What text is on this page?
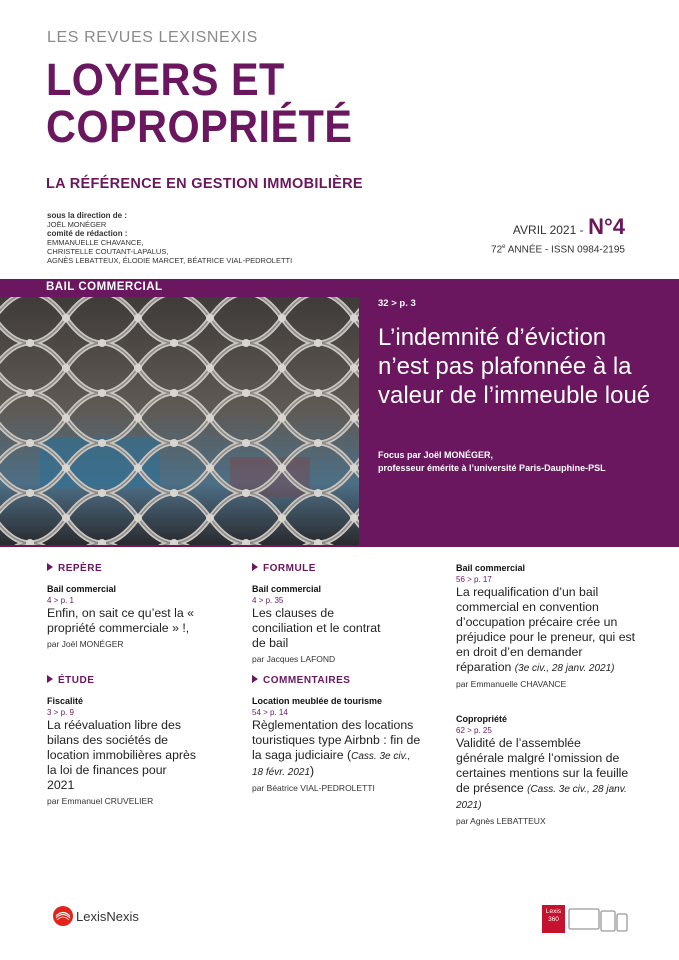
LES REVUES LEXISNEXIS
LOYERS ET
COPROPRIÉTÉ
LA RÉFÉRENCE EN GESTION IMMOBILIÈRE
sous la direction de :
JOËL MONÉGER
comité de rédaction :
EMMANUELLE CHAVANCE,
CHRISTELLE COUTANT-LAPALUS,
AGNÈS LEBATTEUX, ÉLODIE MARCET, BÉATRICE VIAL-PEDROLETTI
AVRIL 2021 - N°4
72e ANNÉE - ISSN 0984-2195
BAIL COMMERCIAL
32 > p. 3
L’indemnité d’éviction n’est pas plafonnée à la valeur de l’immeuble loué
Focus par Joël MONÉGER,
professeur émérite à l’université Paris-Dauphine-PSL
REPÈRE
Bail commercial
4 > p. 1
Enfin, on sait ce qu’est la « propriété commerciale » !,
par Joël MONÉGER
ÉTUDE
Fiscalité
3 > p. 9
La réévaluation libre des bilans des sociétés de location immobilières après la loi de finances pour 2021
par Emmanuel CRUVELIER
FORMULE
Bail commercial
4 > p. 35
Les clauses de conciliation et le contrat de bail
par Jacques LAFOND
COMMENTAIRES
Location meublée de tourisme
54 > p. 14
Règlementation des locations touristiques type Airbnb : fin de la saga judiciaire (Cass. 3e civ., 18 févr. 2021)
par Béatrice VIAL-PEDROLETTI
Bail commercial
56 > p. 17
La requalification d’un bail commercial en convention d’occupation précaire crée un préjudice pour le preneur, qui est en droit d’en demander réparation (3e civ., 28 janv. 2021)
par Emmanuelle CHAVANCE
Copropriété
62 > p. 25
Validité de l’assemblée générale malgré l’omission de certaines mentions sur la feuille de présence (Cass. 3e civ., 28 janv. 2021)
par Agnès LEBATTEUX
LexisNexis	Lexis
360
